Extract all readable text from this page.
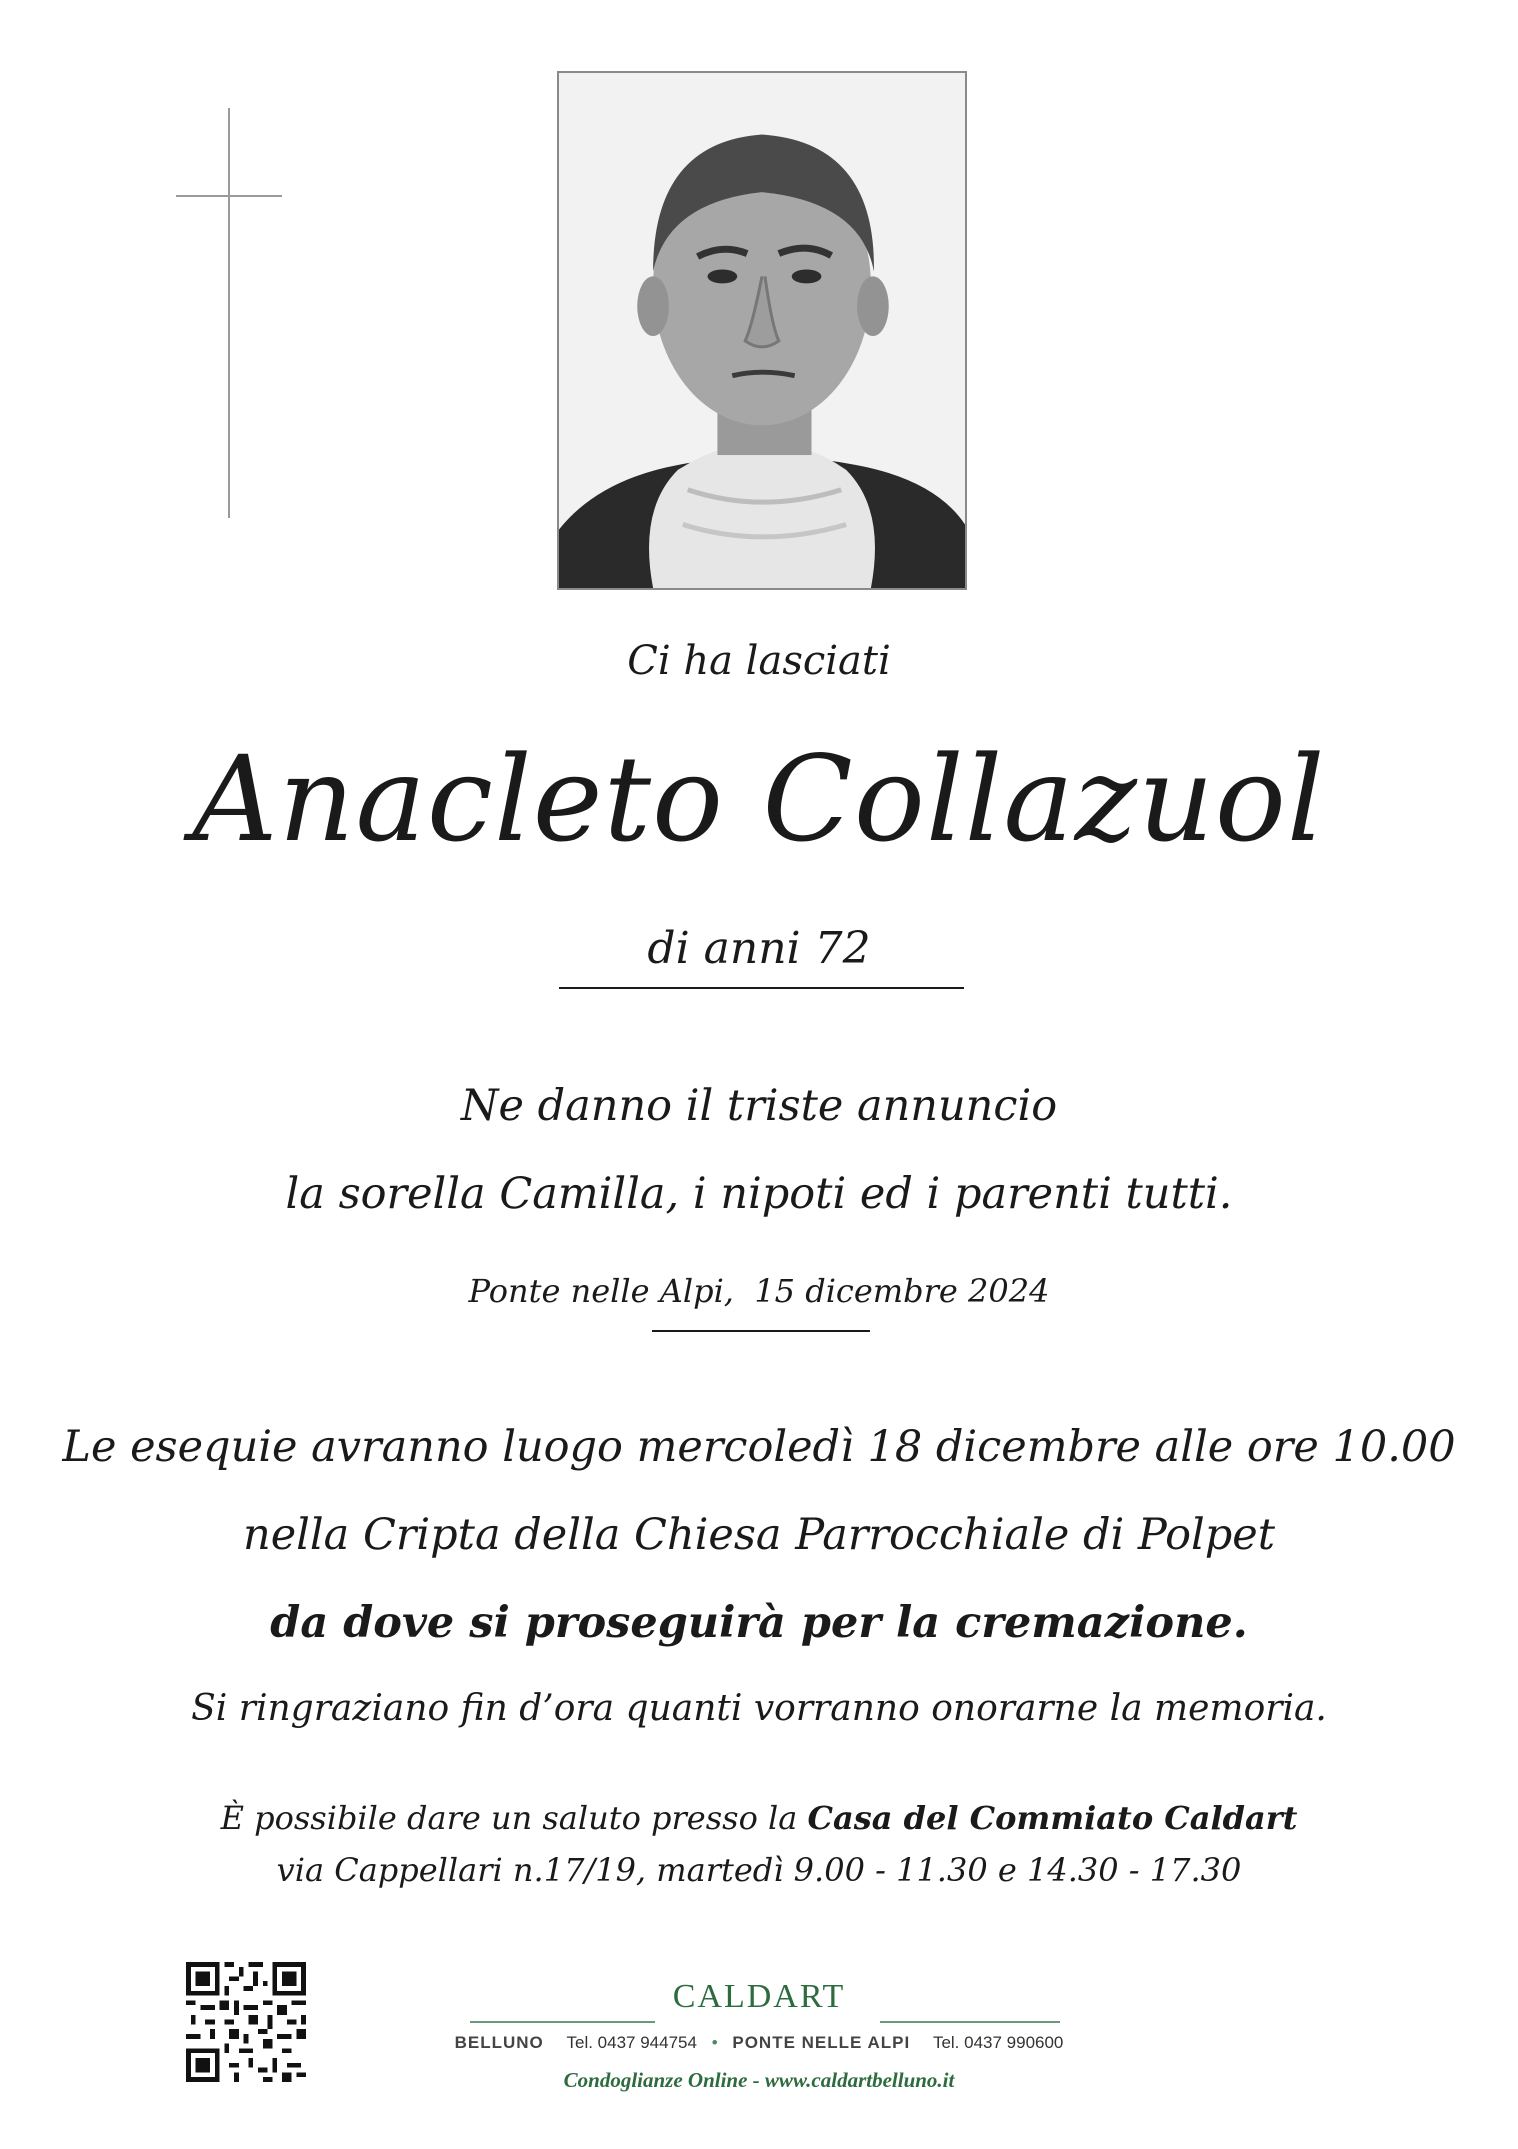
Ci ha lasciati
Anacleto Collazuol
di anni 72
Ne danno il triste annuncio
la sorella Camilla, i nipoti ed i parenti tutti.
Ponte nelle Alpi,  15 dicembre 2024
Le esequie avranno luogo mercoledì 18 dicembre alle ore 10.00
nella Cripta della Chiesa Parrocchiale di Polpet
da dove si proseguirà per la cremazione.
Si ringraziano fin d’ora quanti vorranno onorarne la memoria.
È possibile dare un saluto presso la Casa del Commiato Caldart
via Cappellari n.17/19, martedì 9.00 - 11.30 e 14.30 - 17.30
CALDART
BELLUNO Tel. 0437 944754 • PONTE NELLE ALPI Tel. 0437 990600
Condoglianze Online - www.caldartbelluno.it
